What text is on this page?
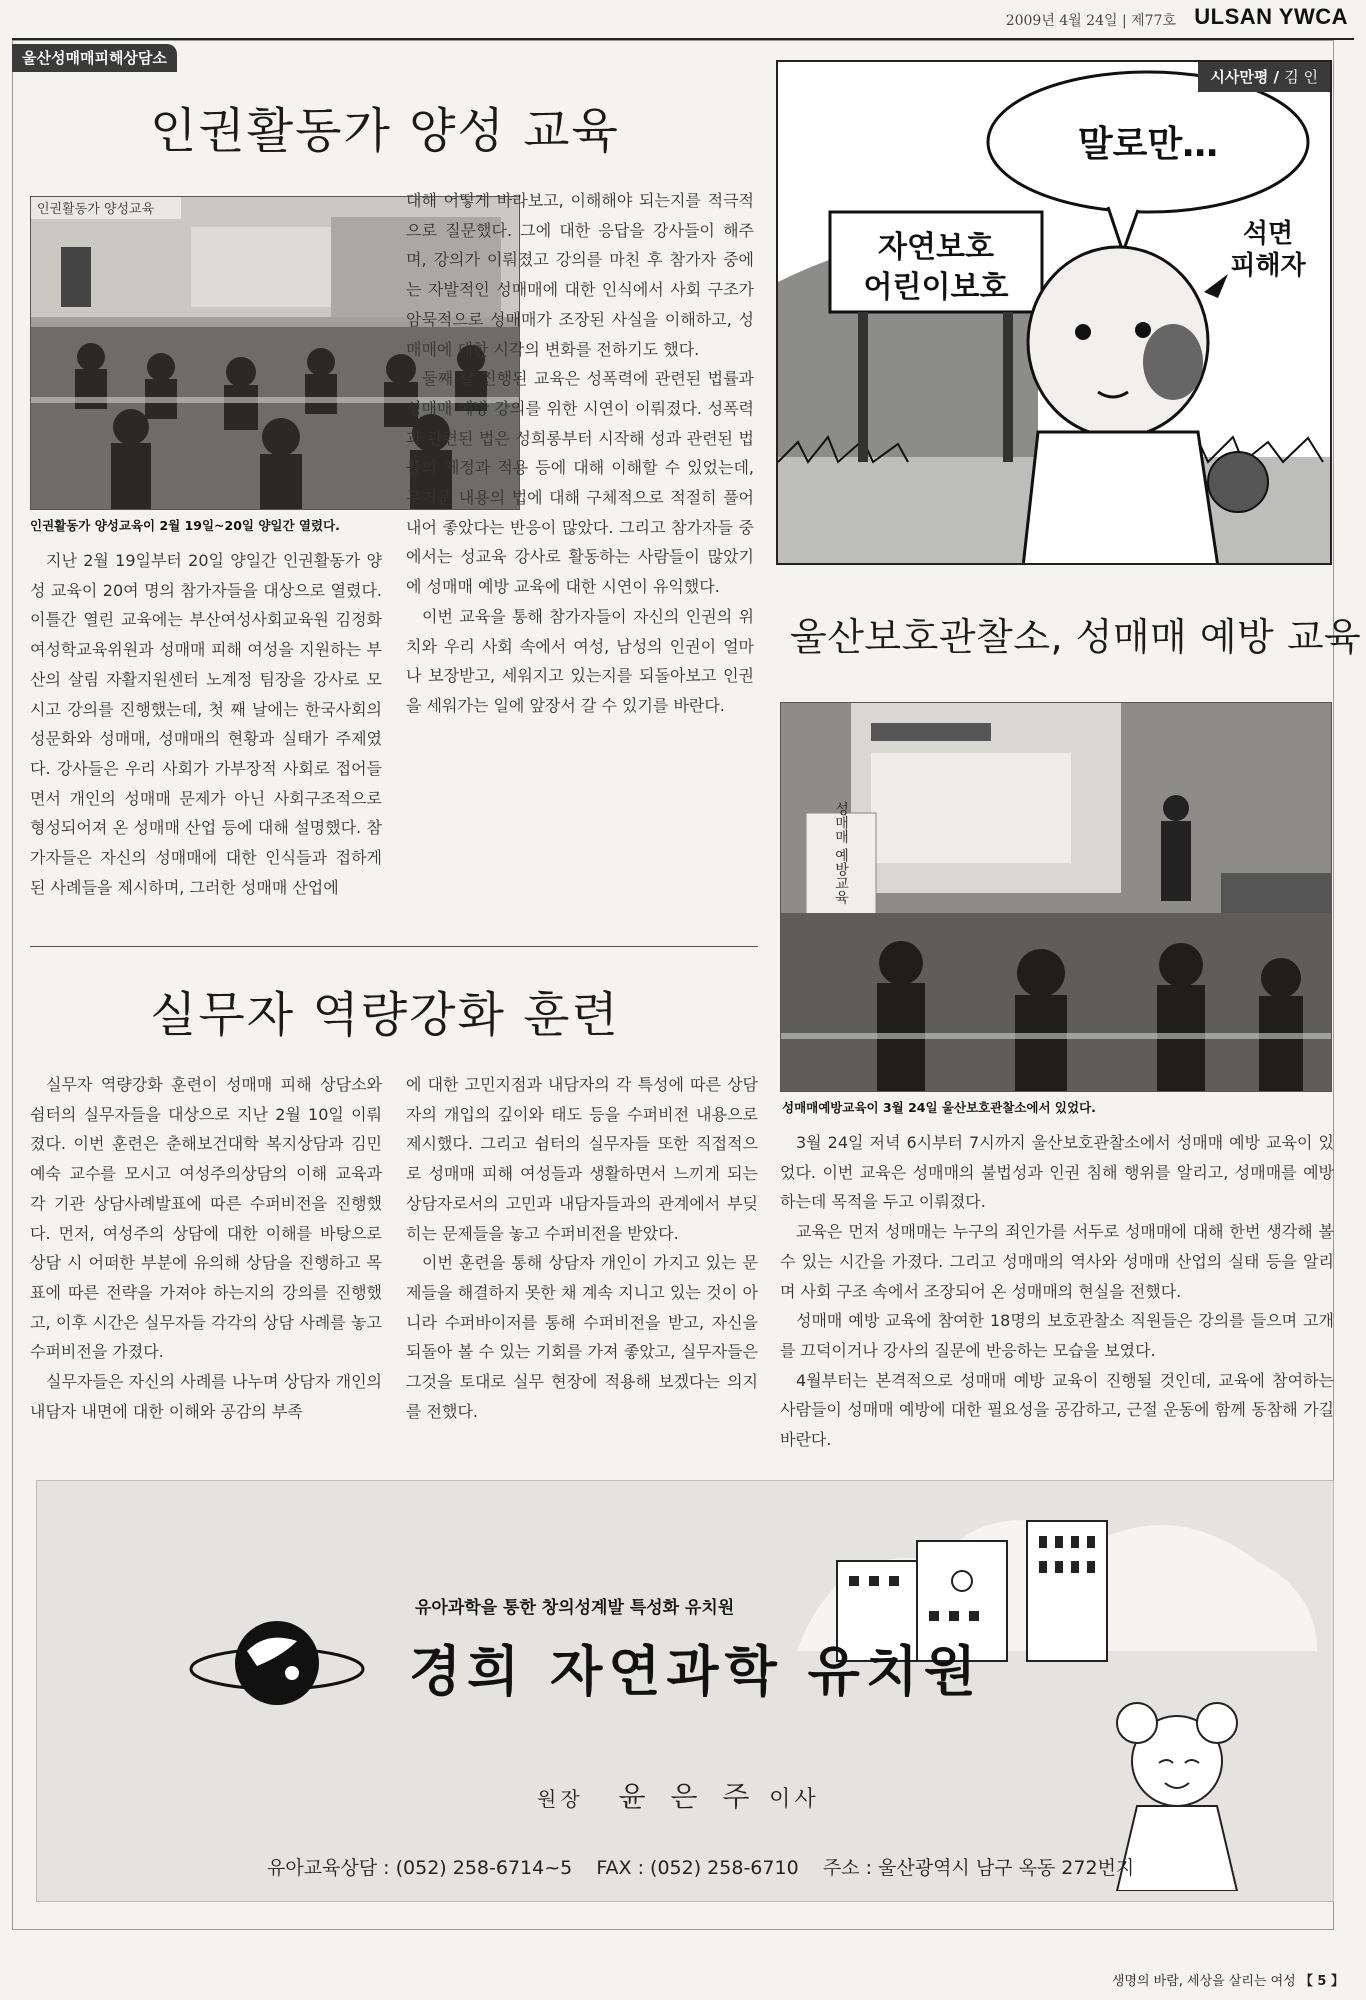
2009년 4월 24일 | 제77호 ULSAN YWCA
울산성매매피해상담소
인권활동가 양성 교육
인권활동가 양성교육
인권활동가 양성교육이 2월 19일~20일 양일간 열렸다.

지난 2월 19일부터 20일 양일간 인권활동가 양성 교육이 20여 명의 참가자들을 대상으로 열렸다. 이틀간 열린 교육에는 부산여성사회교육원 김정화 여성학교육위원과 성매매 피해 여성을 지원하는 부산의 살림 자활지원센터 노계정 팀장을 강사로 모시고 강의를 진행했는데, 첫 째 날에는 한국사회의 성문화와 성매매, 성매매의 현황과 실태가 주제였다. 강사들은 우리 사회가 가부장적 사회로 접어들면서 개인의 성매매 문제가 아닌 사회구조적으로 형성되어져 온 성매매 산업 등에 대해 설명했다. 참가자들은 자신의 성매매에 대한 인식들과 접하게 된 사례들을 제시하며, 그러한 성매매 산업에

대해 어떻게 바라보고, 이해해야 되는지를 적극적으로 질문했다. 그에 대한 응답을 강사들이 해주며, 강의가 이뤄졌고 강의를 마친 후 참가자 중에는 자발적인 성매매에 대한 인식에서 사회 구조가 암묵적으로 성매매가 조장된 사실을 이해하고, 성매매에 대한 시각의 변화를 전하기도 했다.

둘째 날 진행된 교육은 성폭력에 관련된 법률과 성매매 예방 강의를 위한 시연이 이뤄졌다. 성폭력과 관련된 법은 성희롱부터 시작해 성과 관련된 법률의 제정과 적용 등에 대해 이해할 수 있었는데, 무거운 내용의 법에 대해 구체적으로 적절히 풀어내어 좋았다는 반응이 많았다. 그리고 참가자들 중에서는 성교육 강사로 활동하는 사람들이 많았기에 성매매 예방 교육에 대한 시연이 유익했다.

이번 교육을 통해 참가자들이 자신의 인권의 위치와 우리 사회 속에서 여성, 남성의 인권이 얼마나 보장받고, 세워지고 있는지를 되돌아보고 인권을 세워가는 일에 앞장서 갈 수 있기를 바란다.

자연보호
어린이보호
말로만…
석면
피해자
시사만평 / 김 인
울산보호관찰소, 성매매 예방 교육
성매매 예방교육
성매매예방교육이 3월 24일 울산보호관찰소에서 있었다.

3월 24일 저녁 6시부터 7시까지 울산보호관찰소에서 성매매 예방 교육이 있었다. 이번 교육은 성매매의 불법성과 인권 침해 행위를 알리고, 성매매를 예방하는데 목적을 두고 이뤄졌다.

교육은 먼저 성매매는 누구의 죄인가를 서두로 성매매에 대해 한번 생각해 볼 수 있는 시간을 가졌다. 그리고 성매매의 역사와 성매매 산업의 실태 등을 알리며 사회 구조 속에서 조장되어 온 성매매의 현실을 전했다.

성매매 예방 교육에 참여한 18명의 보호관찰소 직원들은 강의를 들으며 고개를 끄덕이거나 강사의 질문에 반응하는 모습을 보였다.

4월부터는 본격적으로 성매매 예방 교육이 진행될 것인데, 교육에 참여하는 사람들이 성매매 예방에 대한 필요성을 공감하고, 근절 운동에 함께 동참해 가길 바란다.

실무자 역량강화 훈련

실무자 역량강화 훈련이 성매매 피해 상담소와 쉼터의 실무자들을 대상으로 지난 2월 10일 이뤄졌다. 이번 훈련은 춘해보건대학 복지상담과 김민예숙 교수를 모시고 여성주의상담의 이해 교육과 각 기관 상담사례발표에 따른 수퍼비전을 진행했다. 먼저, 여성주의 상담에 대한 이해를 바탕으로 상담 시 어떠한 부분에 유의해 상담을 진행하고 목표에 따른 전략을 가져야 하는지의 강의를 진행했고, 이후 시간은 실무자들 각각의 상담 사례를 놓고 수퍼비전을 가졌다.

실무자들은 자신의 사례를 나누며 상담자 개인의 내담자 내면에 대한 이해와 공감의 부족

에 대한 고민지점과 내담자의 각 특성에 따른 상담자의 개입의 깊이와 태도 등을 수퍼비전 내용으로 제시했다. 그리고 쉼터의 실무자들 또한 직접적으로 성매매 피해 여성들과 생활하면서 느끼게 되는 상담자로서의 고민과 내담자들과의 관계에서 부딪히는 문제들을 놓고 수퍼비전을 받았다.

이번 훈련을 통해 상담자 개인이 가지고 있는 문제들을 해결하지 못한 채 계속 지니고 있는 것이 아니라 수퍼바이저를 통해 수퍼비전을 받고, 자신을 되돌아 볼 수 있는 기회를 가져 좋았고, 실무자들은 그것을 토대로 실무 현장에 적용해 보겠다는 의지를 전했다.

유아과학을 통한 창의성계발 특성화 유치원
경희 자연과학 유치원
원장 윤 은 주 이사
유아교육상담 : (052) 258-6714~5    FAX : (052) 258-6710    주소 : 울산광역시 남구 옥동 272번지
생명의 바람, 세상을 살리는 여성 【 5 】
